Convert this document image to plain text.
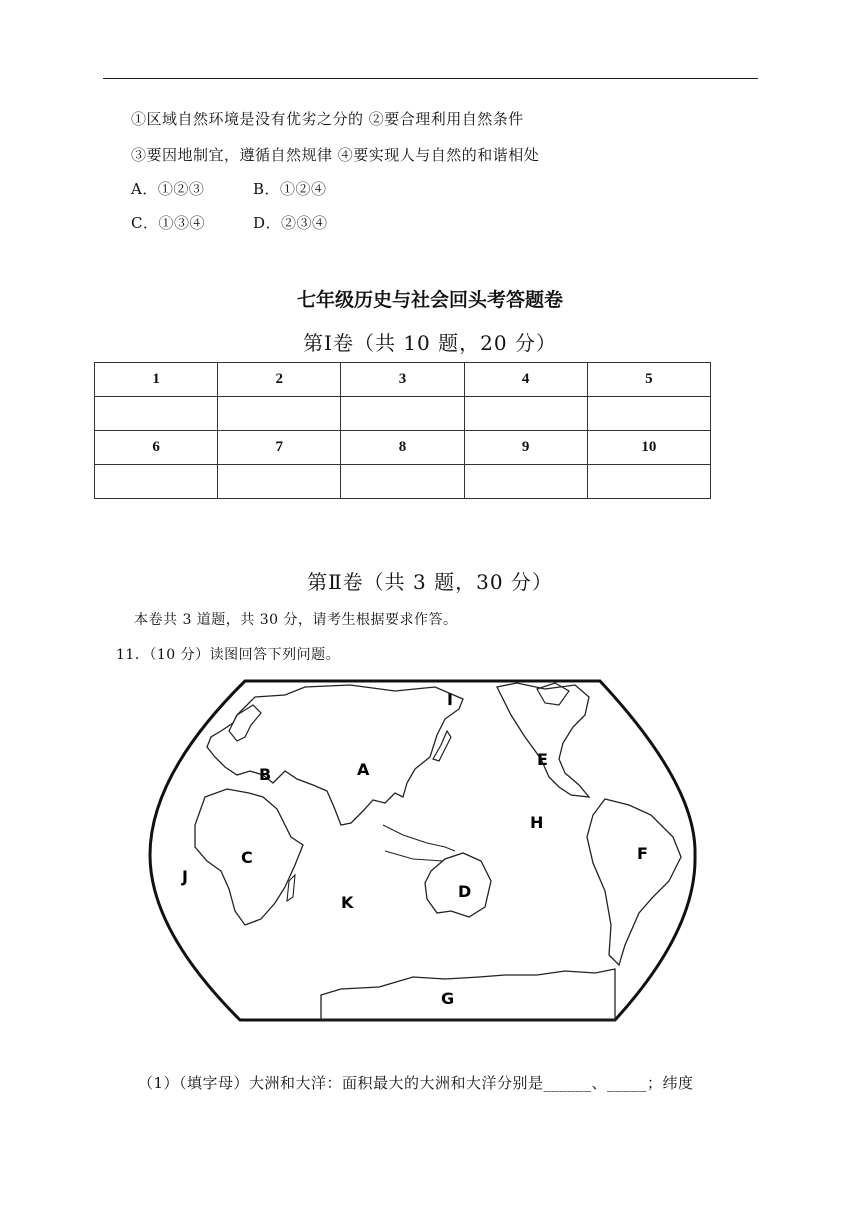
①区域自然环境是没有优劣之分的 ②要合理利用自然条件
③要因地制宜，遵循自然规律 ④要实现人与自然的和谐相处
A．①②③	B．①②④
C．①③④	D．②③④
七年级历史与社会回头考答题卷
第Ⅰ卷（共 10 题，20 分）
1	2	3	4	5

6	7	8	9	10

第Ⅱ卷（共 3 题，30 分）
本卷共 3 道题，共 30 分，请考生根据要求作答。
11．（10 分）读图回答下列问题。
I
A
B
E
H
C	F
J
D
K
G
（1）（填字母）大洲和大洋：面积最大的大洲和大洋分别是______、_____；纬度
